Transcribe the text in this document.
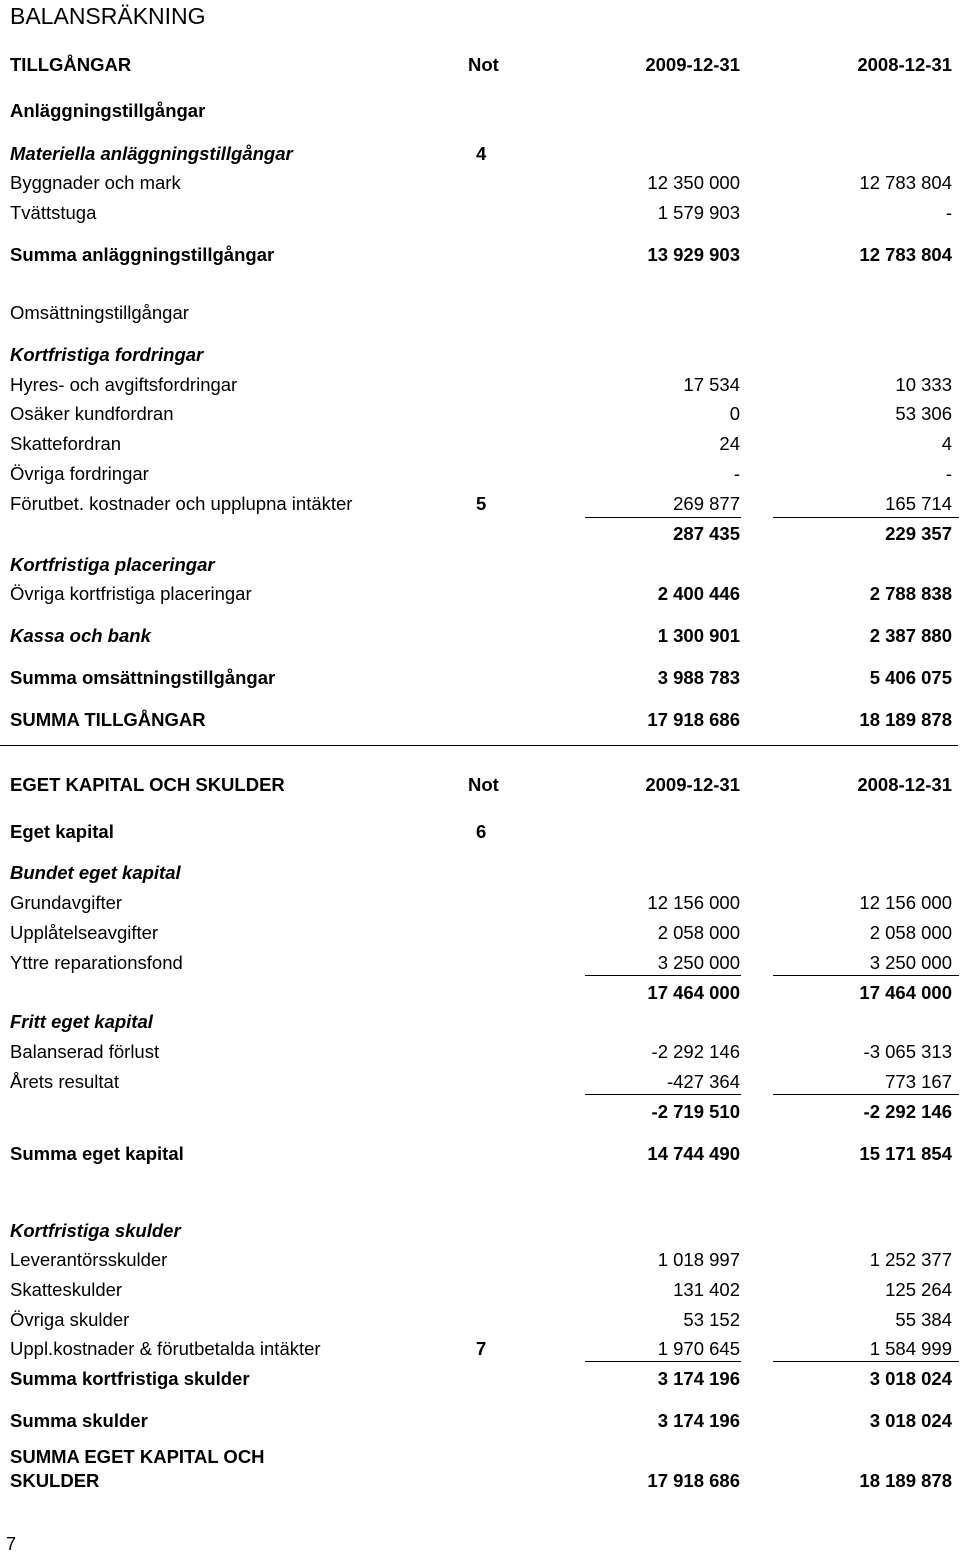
BALANSRÄKNING
TILLGÅNGAR	Not	2009-12-31	2008-12-31
Anläggningstillgångar
Materiella anläggningstillgångar	4
Byggnader och mark	12 350 000	12 783 804
Tvättstuga	1 579 903	-
Summa anläggningstillgångar	13 929 903	12 783 804
Omsättningstillgångar
Kortfristiga fordringar
Hyres- och avgiftsfordringar	17 534	10 333
Osäker kundfordran	0	53 306
Skattefordran	24	4
Övriga fordringar	-	-
Förutbet. kostnader och upplupna intäkter	5	269 877	165 714
287 435	229 357
Kortfristiga placeringar
Övriga kortfristiga placeringar	2 400 446	2 788 838
Kassa och bank	1 300 901	2 387 880
Summa omsättningstillgångar	3 988 783	5 406 075
SUMMA TILLGÅNGAR	17 918 686	18 189 878
EGET KAPITAL OCH SKULDER	Not	2009-12-31	2008-12-31
Eget kapital	6
Bundet eget kapital
Grundavgifter	12 156 000	12 156 000
Upplåtelseavgifter	2 058 000	2 058 000
Yttre reparationsfond	3 250 000	3 250 000
17 464 000	17 464 000
Fritt eget kapital
Balanserad förlust	-2 292 146	-3 065 313
Årets resultat	-427 364	773 167
-2 719 510	-2 292 146
Summa eget kapital	14 744 490	15 171 854
Kortfristiga skulder
Leverantörsskulder	1 018 997	1 252 377
Skatteskulder	131 402	125 264
Övriga skulder	53 152	55 384
Uppl.kostnader & förutbetalda intäkter	7	1 970 645	1 584 999
Summa kortfristiga skulder	3 174 196	3 018 024
Summa skulder	3 174 196	3 018 024
SUMMA EGET KAPITAL OCH
SKULDER	17 918 686	18 189 878
7
